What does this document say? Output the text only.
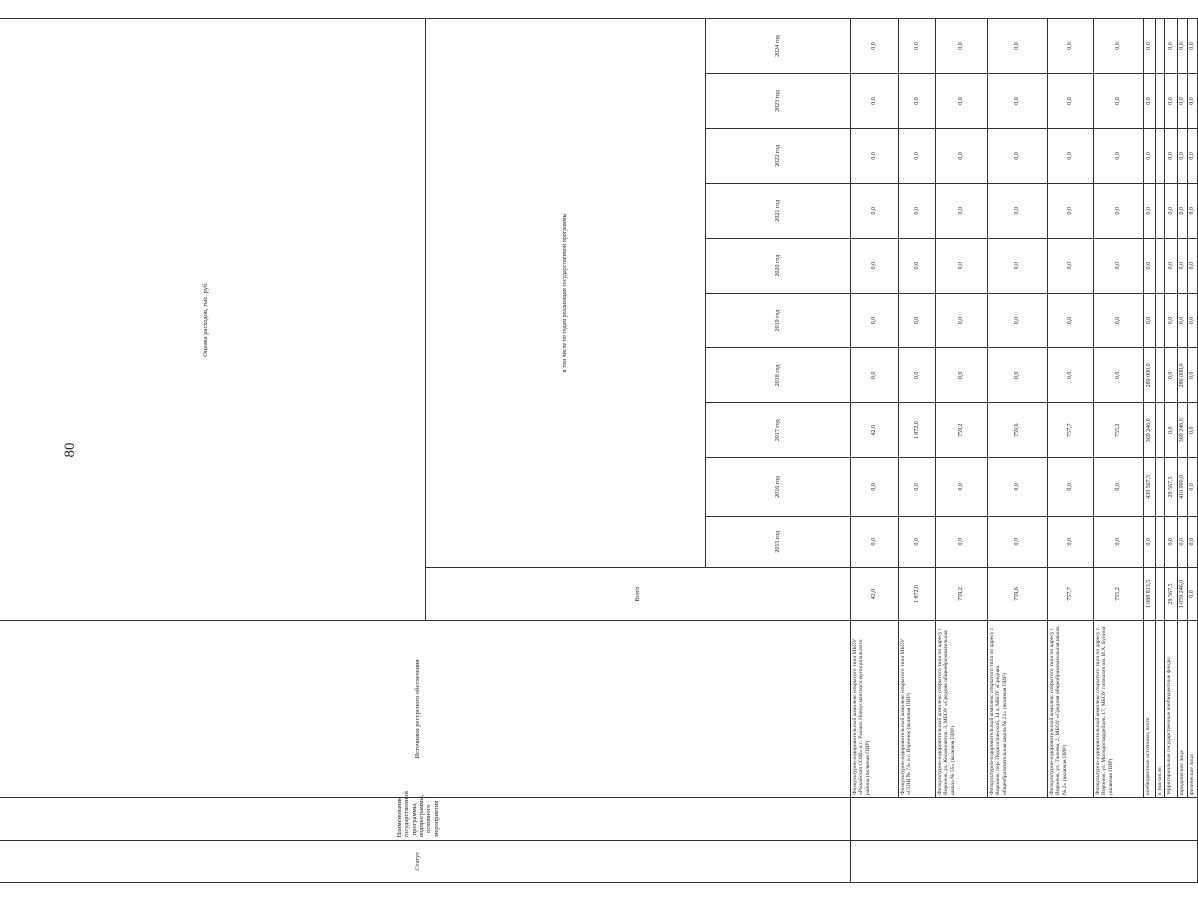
80
Статус	Наименование государственной программы, подпрограммы, основного мероприятия	Источники ресурсного обеспечения	Оценка расходов, тыс. руб.										
			Всего	в том числе по годам реализации государственной программы									
				2015 год	2016 год	2017 год	2018 год	2019 год	2020 год	2021 год	2022 год	2023 год	2024 год
		Физкультурно-оздоровительный комплекс открытого типа МБОУ «Рыкайская СОШ» в с. Рыкань Новоусманского муниципального района (включая ПИР)	42,0	0,0	0,0	42,0	0,0	0,0	0,0	0,0	0,0	0,0	0,0
		Физкультурно-оздоровительный комплекс открытого типа МБОУ «СОШ № 73» в г. Воронеж (включая ПИР)	1 872,0	0,0	0,0	1 872,0	0,0	0,0	0,0	0,0	0,0	0,0	0,0
		Физкультурно-оздоровительный комплекс открытого типа по адресу г. Воронеж, ул. Космонавтов, 3, МБОУ «Средняя общеобразовательная школа № 55» (включая ПИР)	759,2	0,0	0,0	759,2	0,0	0,0	0,0	0,0	0,0	0,0	0,0
		Физкультурно-оздоровительный комплекс открытого типа по адресу г. Воронеж, пер. Педагогический, 14 а, МБОУ «Средняя общеобразовательная школа № 21» (включая ПИР)	759,6	0,0	0,0	759,6	0,0	0,0	0,0	0,0	0,0	0,0	0,0
		Физкультурно-оздоровительный комплекс открытого типа по адресу г. Воронеж, ул. Танеева, 2, МБОУ «Средняя общеобразовательная школа № 2» (включая ПИР)	757,7	0,0	0,0	757,7	0,0	0,0	0,0	0,0	0,0	0,0	0,0
		Физкультурно-оздоровительный комплекс открытого типа по адресу г. Воронеж, ул. Молодогвардейцев, 17, МБОУ гимназия им. И.А. Бунина (включая ПИР)	755,2	0,0	0,0	755,2	0,0	0,0	0,0	0,0	0,0	0,0	0,0
		внебюджетные источники, всего	1 088 813,5	0,0	439 567,5	369 246,0	280 000,0	0,0	0,0	0,0	0,0	0,0	0,0
		в том числе:											
		территориальные государственные внебюджетные фонды	29 567,5	0,0	29 567,5	0,0	0,0	0,0	0,0	0,0	0,0	0,0	0,0
		юридические лица	1 059 246,0	0,0	410 000,0	369 246,0	280 000,0	0,0	0,0	0,0	0,0	0,0	0,0
		физические лица	0,0	0,0	0,0	0,0	0,0	0,0	0,0	0,0	0,0	0,0	0,0
